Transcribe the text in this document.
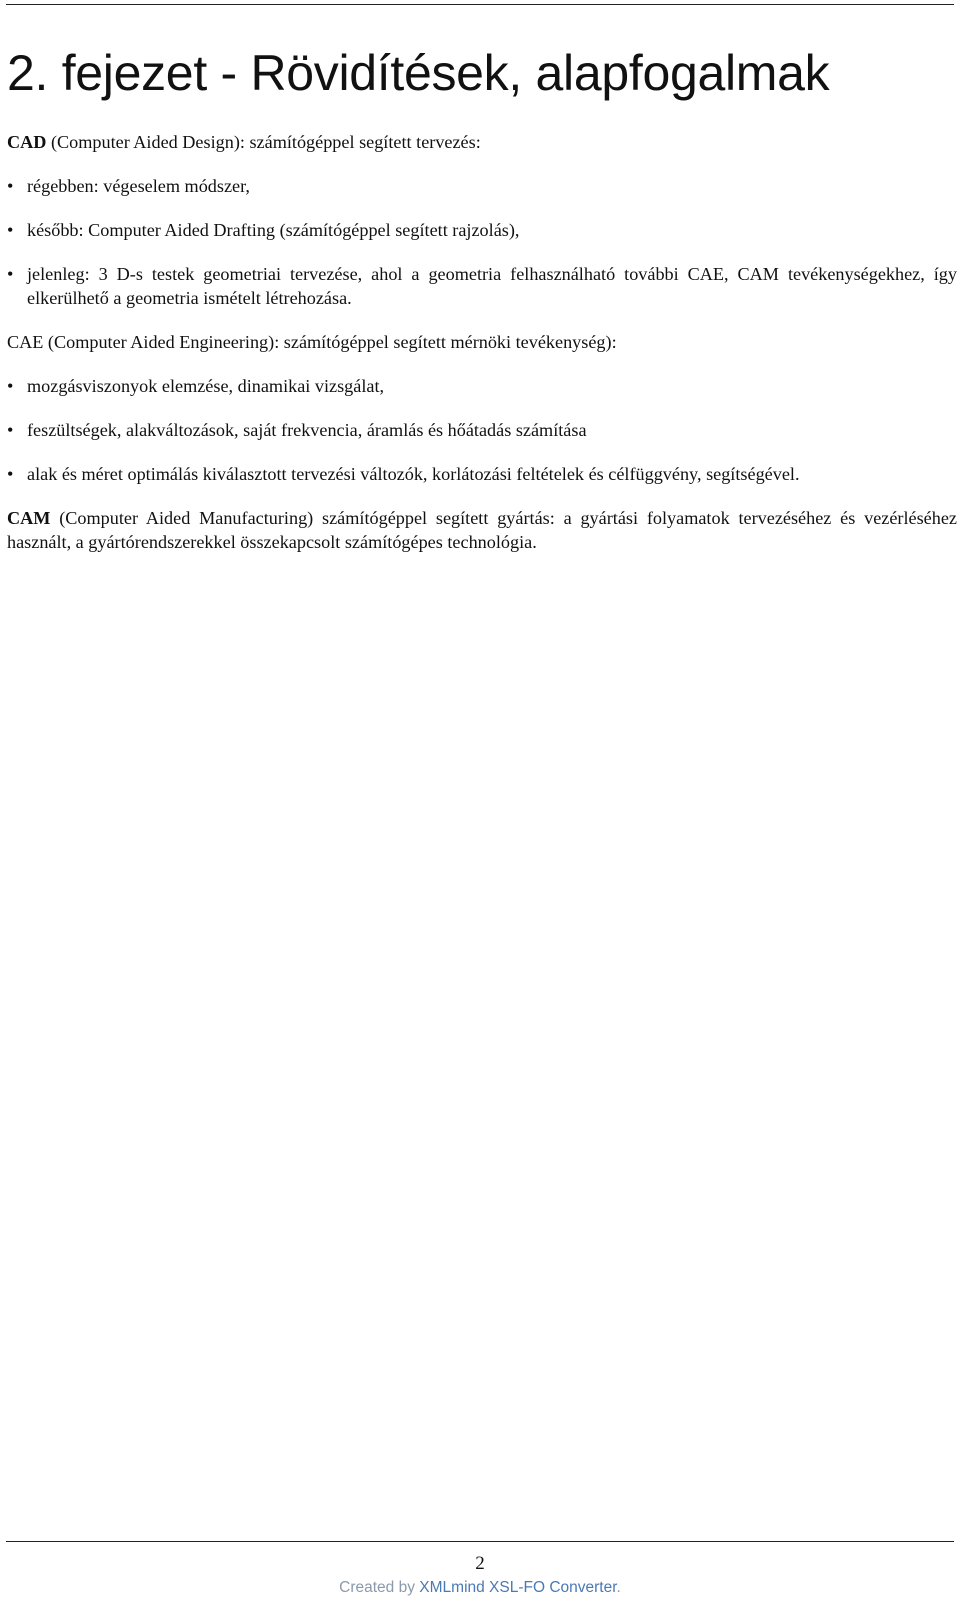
2. fejezet - Rövidítések, alapfogalmak

CAD (Computer Aided Design): számítógéppel segített tervezés:

• régebben: végeselem módszer,
• később: Computer Aided Drafting (számítógéppel segített rajzolás),
• jelenleg: 3 D-s testek geometriai tervezése, ahol a geometria felhasználható további CAE, CAM tevékenységekhez, így elkerülhető a geometria ismételt létrehozása.

CAE (Computer Aided Engineering): számítógéppel segített mérnöki tevékenység):

• mozgásviszonyok elemzése, dinamikai vizsgálat,
• feszültségek, alakváltozások, saját frekvencia, áramlás és hőátadás számítása
• alak és méret optimálás kiválasztott tervezési változók, korlátozási feltételek és célfüggvény, segítségével.

CAM (Computer Aided Manufacturing) számítógéppel segített gyártás: a gyártási folyamatok tervezéséhez és vezérléséhez használt, a gyártórendszerekkel összekapcsolt számítógépes technológia.

2
Created by XMLmind XSL-FO Converter.
